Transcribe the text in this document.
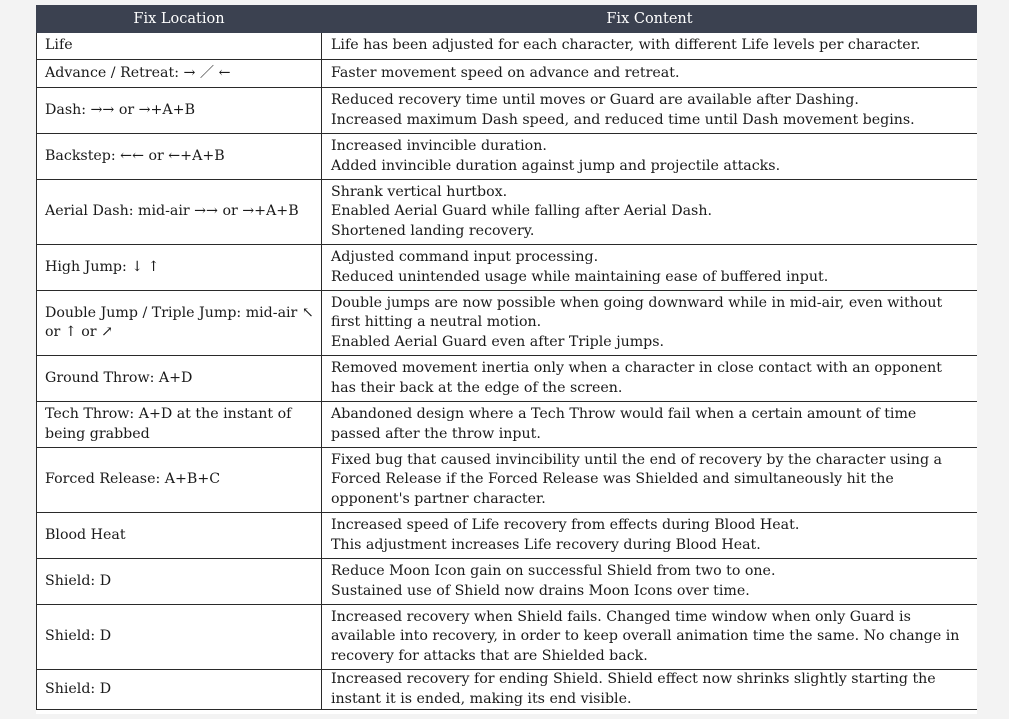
Fix Location	Fix Content
Life	Life has been adjusted for each character, with different Life levels per character.

Advance / Retreat: → ／ ←	Faster movement speed on advance and retreat.

Dash: →→ or →+A+B	Reduced recovery time until moves or Guard are available after Dashing.
Increased maximum Dash speed, and reduced time until Dash movement begins.

Backstep: ←← or ←+A+B	Increased invincible duration.
Added invincible duration against jump and projectile attacks.

Aerial Dash: mid-air →→ or →+A+B	Shrank vertical hurtbox.
Enabled Aerial Guard while falling after Aerial Dash.
Shortened landing recovery.

High Jump: ↓ ↑	Adjusted command input processing.
Reduced unintended usage while maintaining ease of buffered input.

Double Jump / Triple Jump: mid-air ↖ or ↑ or ↗	Double jumps are now possible when going downward while in mid-air, even without first hitting a neutral motion.
Enabled Aerial Guard even after Triple jumps.

Ground Throw: A+D	Removed movement inertia only when a character in close contact with an opponent has their back at the edge of the screen.

Tech Throw: A+D at the instant of being grabbed	Abandoned design where a Tech Throw would fail when a certain amount of time passed after the throw input.

Forced Release: A+B+C	Fixed bug that caused invincibility until the end of recovery by the character using a Forced Release if the Forced Release was Shielded and simultaneously hit the opponent's partner character.

Blood Heat	Increased speed of Life recovery from effects during Blood Heat.
This adjustment increases Life recovery during Blood Heat.

Shield: D	Reduce Moon Icon gain on successful Shield from two to one.
Sustained use of Shield now drains Moon Icons over time.

Shield: D	Increased recovery when Shield fails. Changed time window when only Guard is available into recovery, in order to keep overall animation time the same. No change in recovery for attacks that are Shielded back.

Shield: D	Increased recovery for ending Shield. Shield effect now shrinks slightly starting the instant it is ended, making its end visible.
